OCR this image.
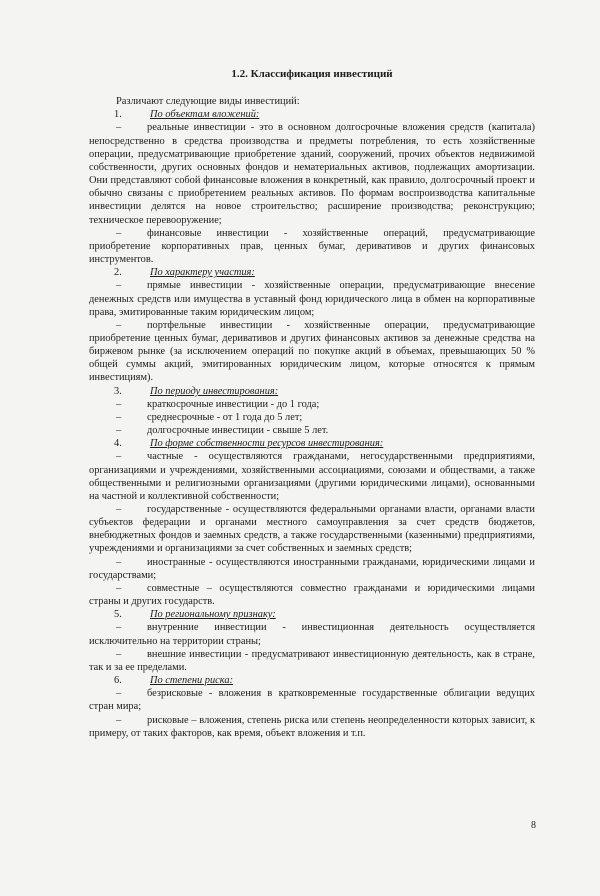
1.2. Классификация инвестиций

Различают следующие виды инвестиций:

1.	По объектам вложений:

– реальные инвестиции - это в основном долгосрочные вложения средств (капитала) непосредственно в средства производства и предметы потребления, то есть хозяйственные операции, предусматривающие приобретение зданий, сооружений, прочих объектов недвижимой собственности, других основных фондов и нематериальных активов, подлежащих амортизации. Они представляют собой финансовые вложения в конкретный, как правило, долгосрочный проект и обычно связаны с приобретением реальных активов. По формам воспроизводства капитальные инвестиции делятся на новое строительство; расширение производства; реконструкцию; техническое перевооружение;

– финансовые инвестиции - хозяйственные операций, предусматривающие приобретение корпоративных прав, ценных бумаг, деривативов и других финансовых инструментов.

2.	По характеру участия:

– прямые инвестиции - хозяйственные операции, предусматривающие внесение денежных средств или имущества в уставный фонд юридического лица в обмен на корпоративные права, эмитированные таким юридическим лицом;

– портфельные инвестиции - хозяйственные операции, предусматривающие приобретение ценных бумаг, деривативов и других финансовых активов за денежные средства на биржевом рынке (за исключением операций по покупке акций в объемах, превышающих 50 % общей суммы акций, эмитированных юридическим лицом, которые относятся к прямым инвестициям).

3.	По периоду инвестирования:

– краткосрочные инвестиции - до 1 года;

– среднесрочные - от 1 года до 5 лет;

– долгосрочные инвестиции - свыше 5 лет.

4.	По форме собственности ресурсов инвестирования:

– частные - осуществляются гражданами, негосударственными предприятиями, организациями и учреждениями, хозяйственными ассоциациями, союзами и обществами, а также общественными и религиозными организациями (другими юридическими лицами), основанными на частной и коллективной собственности;

– государственные - осуществляются федеральными органами власти, органами власти субъектов федерации и органами местного самоуправления за счет средств бюджетов, внебюджетных фондов и заемных средств, а также государственными (казенными) предприятиями, учреждениями и организациями за счет собственных и заемных средств;

– иностранные - осуществляются иностранными гражданами, юридическими лицами и государствами;

– совместные – осуществляются совместно гражданами и юридическими лицами страны и других государств.

5.	По региональному признаку:

– внутренние инвестиции - инвестиционная деятельность осуществляется исключительно на территории страны;

– внешние инвестиции - предусматривают инвестиционную деятельность, как в стране, так и за ее пределами.

6.	По степени риска:

– безрисковые - вложения в кратковременные государственные облигации ведущих стран мира;

– рисковые – вложения, степень риска или степень неопределенности которых зависит, к примеру, от таких факторов, как время, объект вложения и т.п.

8
